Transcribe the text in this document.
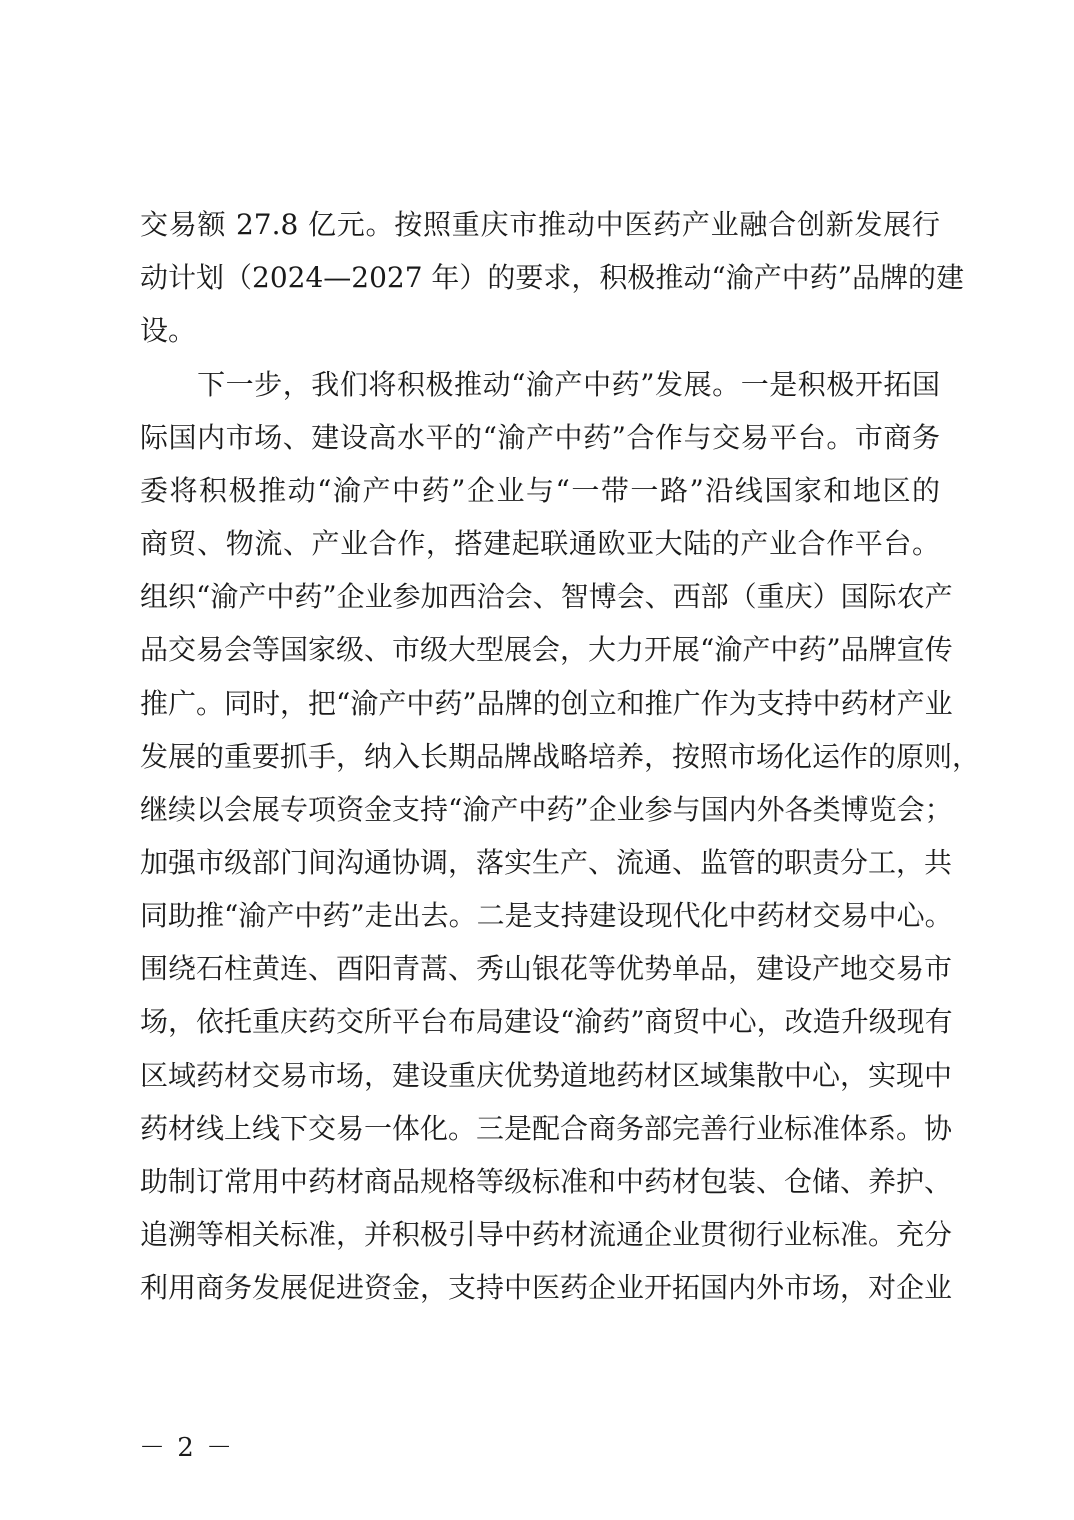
交易额 27.8 亿元。按照重庆市推动中医药产业融合创新发展行
动计划（2024—2027 年）的要求，积极推动“渝产中药”品牌的建
设。
　　下一步，我们将积极推动“渝产中药”发展。一是积极开拓国
际国内市场、建设高水平的“渝产中药”合作与交易平台。市商务
委将积极推动“渝产中药”企业与“一带一路”沿线国家和地区的
商贸、物流、产业合作，搭建起联通欧亚大陆的产业合作平台。
组织“渝产中药”企业参加西洽会、智博会、西部（重庆）国际农产
品交易会等国家级、市级大型展会，大力开展“渝产中药”品牌宣传
推广。同时，把“渝产中药”品牌的创立和推广作为支持中药材产业
发展的重要抓手，纳入长期品牌战略培养，按照市场化运作的原则，
继续以会展专项资金支持“渝产中药”企业参与国内外各类博览会；
加强市级部门间沟通协调，落实生产、流通、监管的职责分工，共
同助推“渝产中药”走出去。二是支持建设现代化中药材交易中心。
围绕石柱黄连、酉阳青蒿、秀山银花等优势单品，建设产地交易市
场，依托重庆药交所平台布局建设“渝药”商贸中心，改造升级现有
区域药材交易市场，建设重庆优势道地药材区域集散中心，实现中
药材线上线下交易一体化。三是配合商务部完善行业标准体系。协
助制订常用中药材商品规格等级标准和中药材包装、仓储、养护、
追溯等相关标准，并积极引导中药材流通企业贯彻行业标准。充分
利用商务发展促进资金，支持中医药企业开拓国内外市场，对企业
－ 2 －
